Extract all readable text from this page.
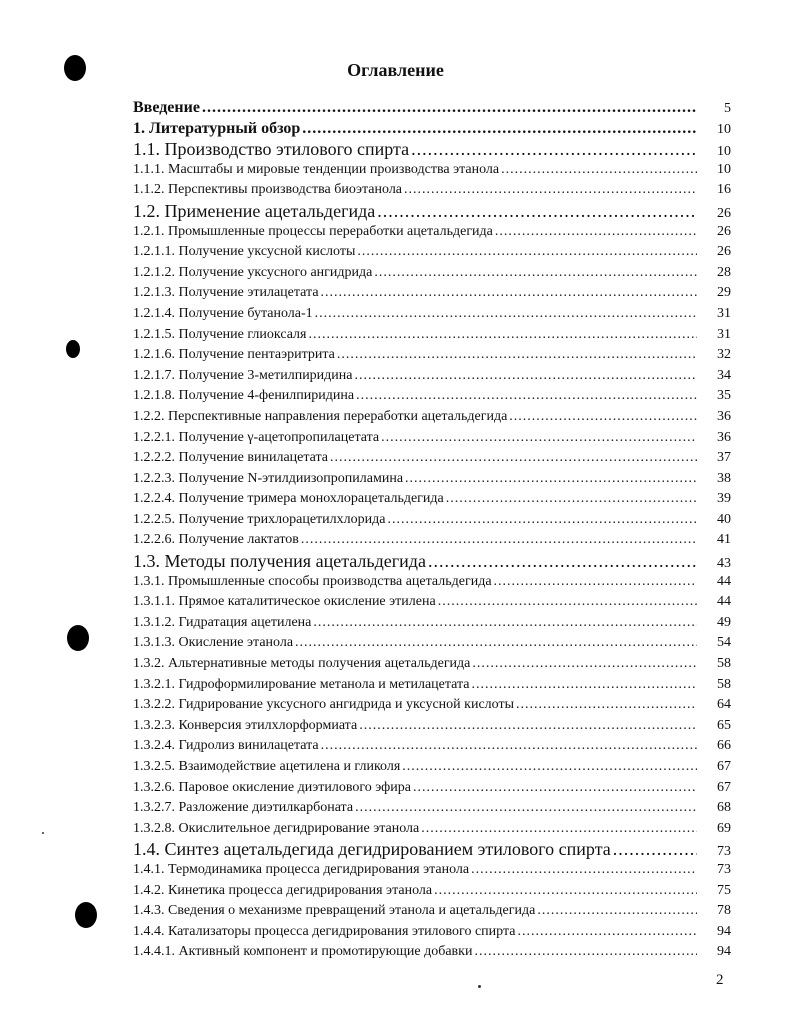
Оглавление
Введение .....	5
1. Литературный обзор .....	10
1.1. Производство этилового спирта .....	10
1.1.1. Масштабы и мировые тенденции производства этанола .....	10
1.1.2. Перспективы производства биоэтанола .....	16
1.2. Применение ацетальдегида .....	26
1.2.1. Промышленные процессы переработки ацетальдегида .....	26
1.2.1.1. Получение уксусной кислоты .....	26
1.2.1.2. Получение уксусного ангидрида .....	28
1.2.1.3. Получение этилацетата .....	29
1.2.1.4. Получение бутанола-1 .....	31
1.2.1.5. Получение глиоксаля .....	31
1.2.1.6. Получение пентаэритрита .....	32
1.2.1.7. Получение 3-метилпиридина .....	34
1.2.1.8. Получение 4-фенилпиридина .....	35
1.2.2. Перспективные направления переработки ацетальдегида .....	36
1.2.2.1. Получение γ-ацетопропилацетата .....	36
1.2.2.2. Получение винилацетата .....	37
1.2.2.3. Получение N-этилдиизопропиламина .....	38
1.2.2.4. Получение тримера монохлорацетальдегида .....	39
1.2.2.5. Получение трихлорацетилхлорида .....	40
1.2.2.6. Получение лактатов .....	41
1.3. Методы получения ацетальдегида .....	43
1.3.1. Промышленные способы производства ацетальдегида .....	44
1.3.1.1. Прямое каталитическое окисление этилена .....	44
1.3.1.2. Гидратация ацетилена .....	49
1.3.1.3. Окисление этанола .....	54
1.3.2. Альтернативные методы получения ацетальдегида .....	58
1.3.2.1. Гидроформилирование метанола и метилацетата .....	58
1.3.2.2. Гидрирование уксусного ангидрида и уксусной кислоты .....	64
1.3.2.3. Конверсия этилхлорформиата .....	65
1.3.2.4. Гидролиз винилацетата .....	66
1.3.2.5. Взаимодействие ацетилена и гликоля .....	67
1.3.2.6. Паровое окисление диэтилового эфира .....	67
1.3.2.7. Разложение диэтилкарбоната .....	68
1.3.2.8. Окислительное дегидрирование этанола .....	69
1.4. Синтез ацетальдегида дегидрированием этилового спирта .....	73
1.4.1. Термодинамика процесса дегидрирования этанола .....	73
1.4.2. Кинетика процесса дегидрирования этанола .....	75
1.4.3. Сведения о механизме превращений этанола и ацетальдегида .....	78
1.4.4. Катализаторы процесса дегидрирования этилового спирта .....	94
1.4.4.1. Активный компонент и промотирующие добавки .....	94
2
